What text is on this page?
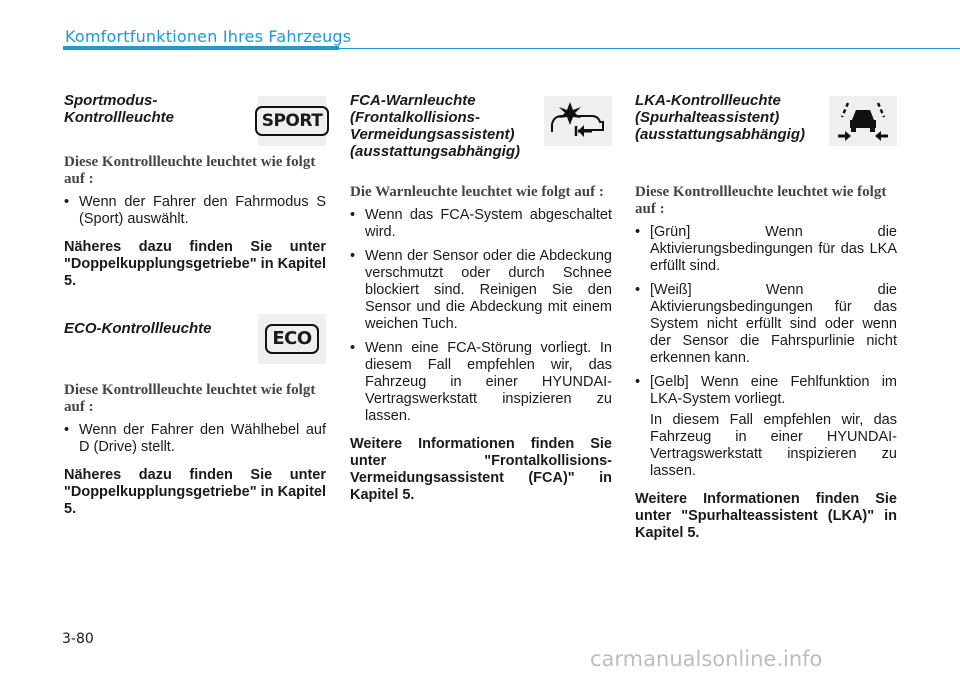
Komfortfunktionen Ihres Fahrzeugs
Sportmodus- Kontrollleuchte	SPORT
Diese Kontrollleuchte leuchtet wie folgt auf :
• Wenn der Fahrer den Fahrmodus S (Sport) auswählt.
Näheres dazu finden Sie unter "Doppelkupplungsgetriebe" in Kapitel 5.
ECO-Kontrollleuchte	ECO
Diese Kontrollleuchte leuchtet wie folgt auf :
• Wenn der Fahrer den Wählhebel auf D (Drive) stellt.
Näheres dazu finden Sie unter "Doppelkupplungsgetriebe" in Kapitel 5.
FCA-Warnleuchte (Frontalkollisions-Vermeidungsassistent) (ausstattungsabhängig)
Die Warnleuchte leuchtet wie folgt auf :
• Wenn das FCA-System abgeschaltet wird.
• Wenn der Sensor oder die Abdeckung verschmutzt oder durch Schnee blockiert sind. Reinigen Sie den Sensor und die Abdeckung mit einem weichen Tuch.
• Wenn eine FCA-Störung vorliegt. In diesem Fall empfehlen wir, das Fahrzeug in einer HYUNDAI-Vertragswerkstatt inspizieren zu lassen.
Weitere Informationen finden Sie unter "Frontalkollisions-Vermeidungsassistent (FCA)" in Kapitel 5.
LKA-Kontrollleuchte (Spurhalteassistent) (ausstattungsabhängig)
Diese Kontrollleuchte leuchtet wie folgt auf :
• [Grün] Wenn die Aktivierungsbedingungen für das LKA erfüllt sind.
• [Weiß] Wenn die Aktivierungsbedingungen für das System nicht erfüllt sind oder wenn der Sensor die Fahrspurlinie nicht erkennen kann.
• [Gelb] Wenn eine Fehlfunktion im LKA-System vorliegt.
In diesem Fall empfehlen wir, das Fahrzeug in einer HYUNDAI-Vertragswerkstatt inspizieren zu lassen.
Weitere Informationen finden Sie unter "Spurhalteassistent (LKA)" in Kapitel 5.
3-80
carmanualsonline.info
